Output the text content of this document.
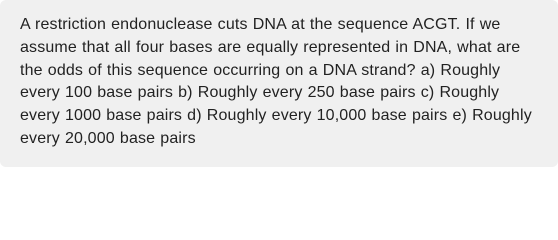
A restriction endonuclease cuts DNA at the sequence ACGT. If we assume that all four bases are equally represented in DNA, what are the odds of this sequence occurring on a DNA strand? a) Roughly every 100 base pairs b) Roughly every 250 base pairs c) Roughly every 1000 base pairs d) Roughly every 10,000 base pairs e) Roughly every 20,000 base pairs
